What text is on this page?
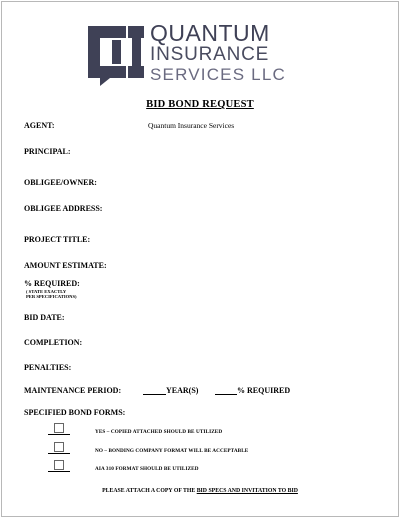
QUANTUM
INSURANCE
SERVICES LLC
BID BOND REQUEST
AGENT:	Quantum Insurance Services
PRINCIPAL:
OBLIGEE/OWNER:
OBLIGEE ADDRESS:
PROJECT TITLE:
AMOUNT ESTIMATE:
% REQUIRED:
( STATE EXACTLY
PER SPECIFICATIONS)
BID DATE:
COMPLETION:
PENALTIES:
MAINTENANCE PERIOD:	YEAR(S)	% REQUIRED
SPECIFIED BOND FORMS:
YES – COPIED ATTACHED SHOULD BE UTILIZED
NO – BONDING COMPANY FORMAT WILL BE ACCEPTABLE
AIA 310 FORMAT SHOULD BE UTILIZED
PLEASE ATTACH A COPY OF THE BID SPECS AND INVITATION TO BID
